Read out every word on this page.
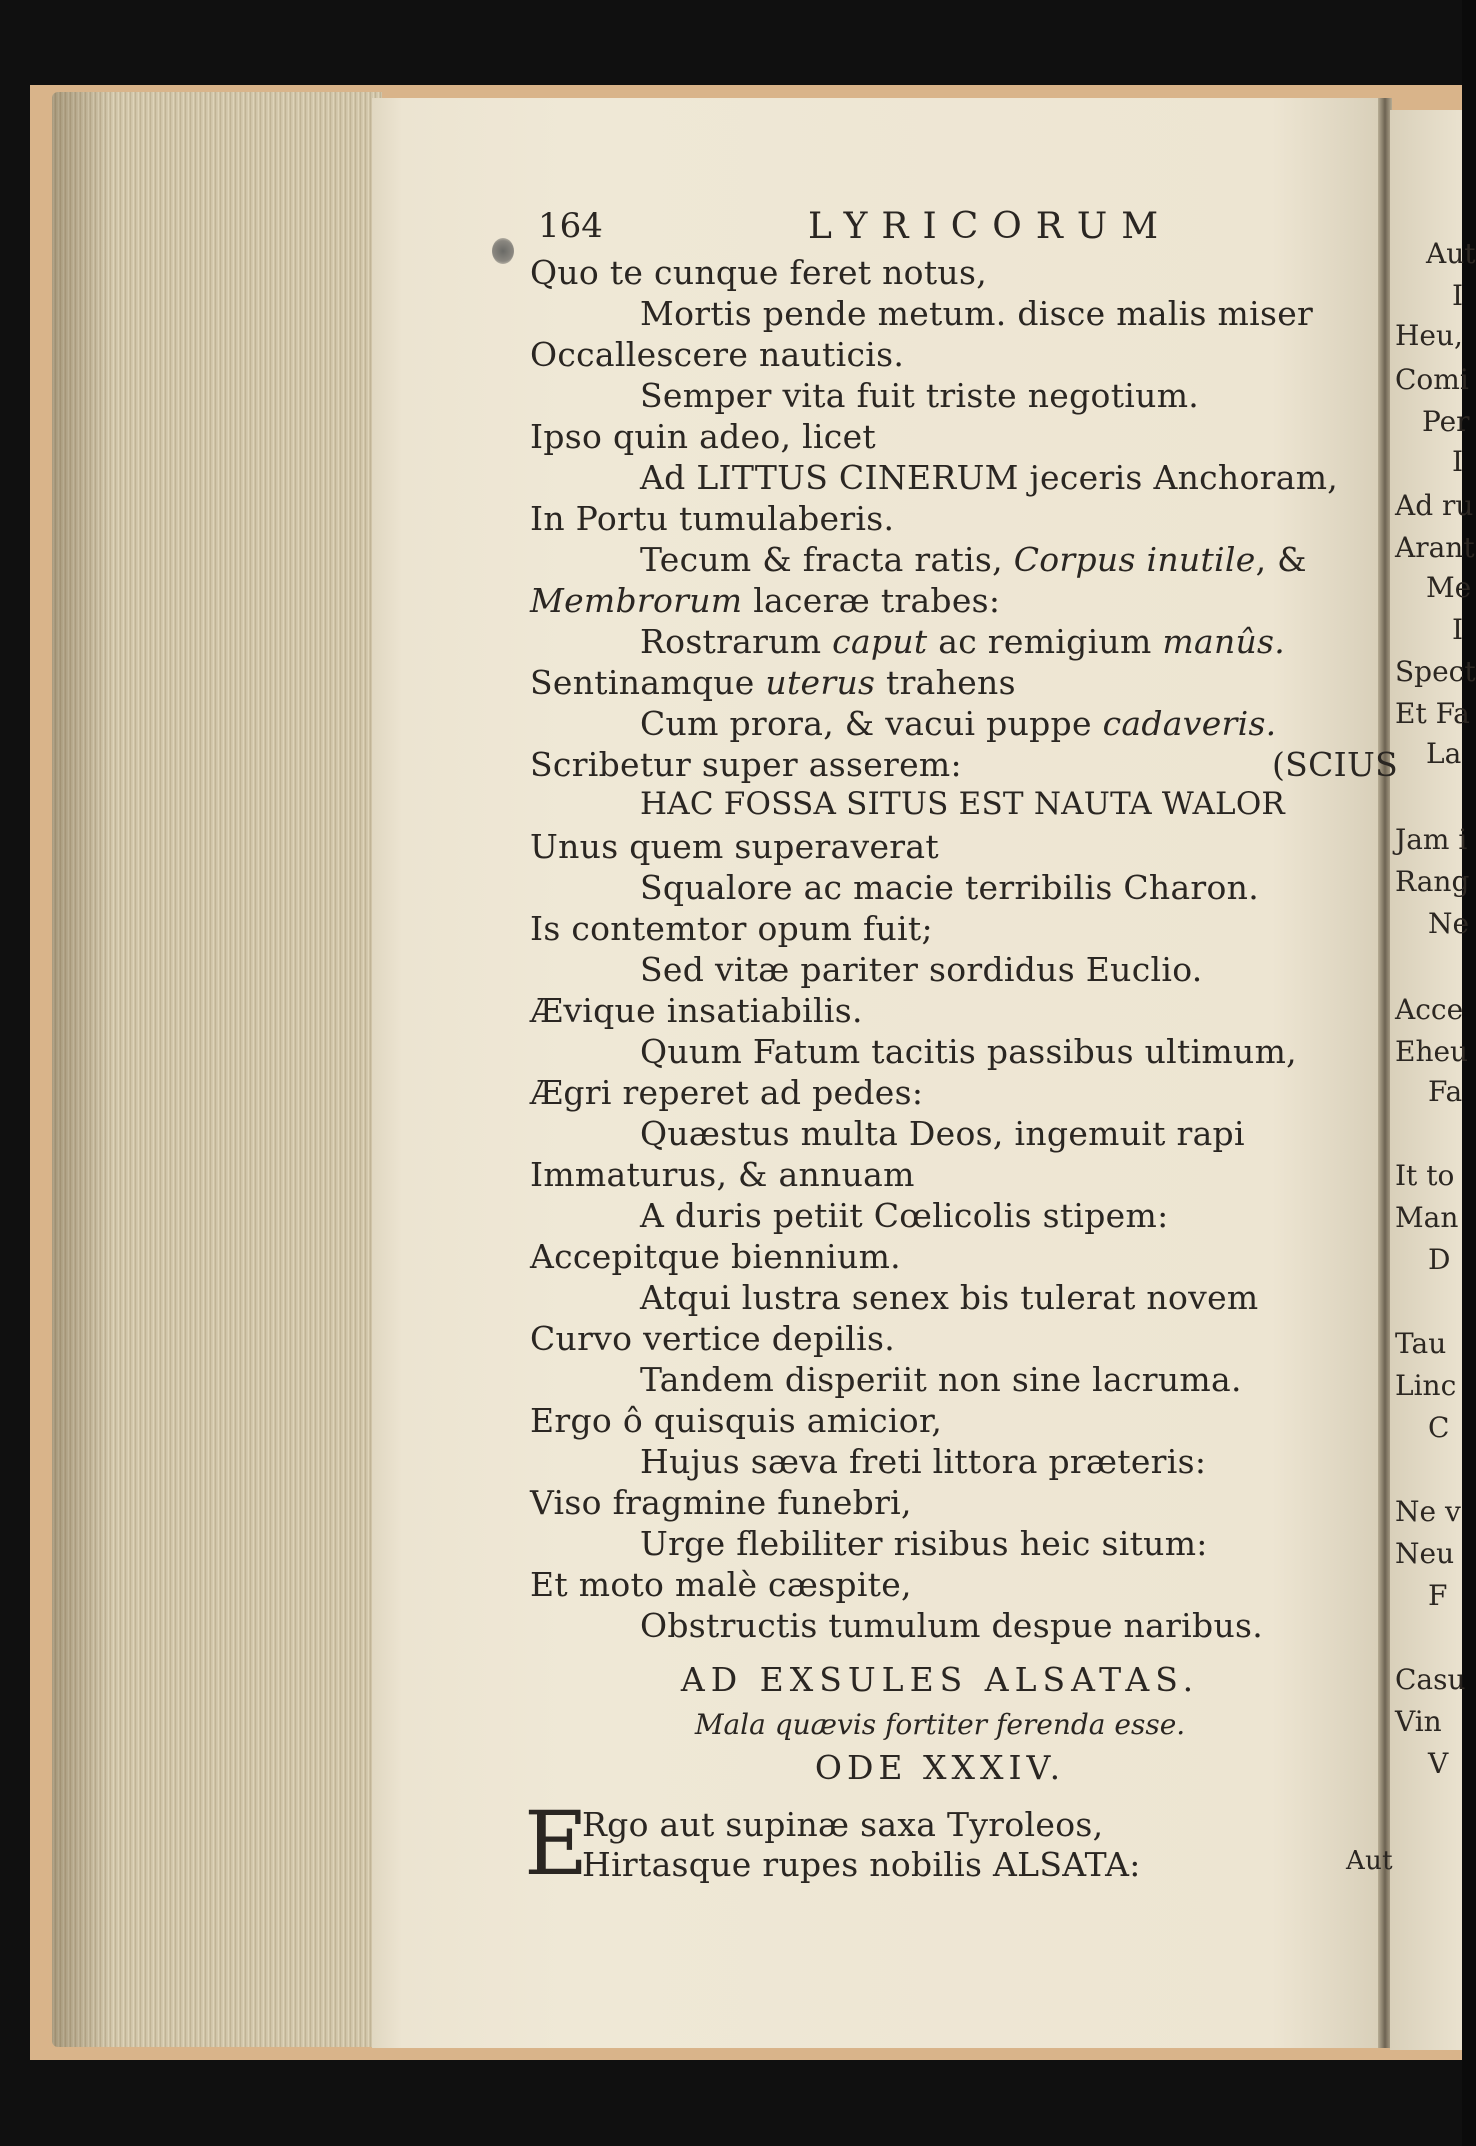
Aut
I
Heu,
Comi
Per
I
Ad ru
Arant
Me
I
Spect
Et Fa
La
Jam i
Rang
Ne
Acce
Eheu
Fa
It to
Man
D
Tau
Linc
C
Ne v
Neu
F
Casu
Vin
V
164	LYRICORUM
Quo te cunque feret notus,
Mortis pende metum. disce malis miser
Occallescere nauticis.
Semper vita fuit triste negotium.
Ipso quin adeo, licet
Ad LITTUS CINERUM jeceris Anchoram,
In Portu tumulaberis.
Tecum & fracta ratis, Corpus inutile, &
Membrorum laceræ trabes:
Rostrarum caput ac remigium manûs.
Sentinamque uterus trahens
Cum prora, & vacui puppe cadaveris.
Scribetur super asserem:	(SCIUS
HAC FOSSA SITUS EST NAUTA WALOR
Unus quem superaverat
Squalore ac macie terribilis Charon.
Is contemtor opum fuit;
Sed vitæ pariter sordidus Euclio.
Ævique insatiabilis.
Quum Fatum tacitis passibus ultimum,
Ægri reperet ad pedes:
Quæstus multa Deos, ingemuit rapi
Immaturus, & annuam
A duris petiit Cœlicolis stipem:
Accepitque biennium.
Atqui lustra senex bis tulerat novem
Curvo vertice depilis.
Tandem disperiit non sine lacruma.
Ergo ô quisquis amicior,
Hujus sæva freti littora præteris:
Viso fragmine funebri,
Urge flebiliter risibus heic situm:
Et moto malè cæspite,
Obstructis tumulum despue naribus.
AD EXSULES ALSATAS.
Mala quævis fortiter ferenda esse.
ODE XXXIV.
E
Rgo aut supinæ saxa Tyroleos,
Hirtasque rupes nobilis ALSATA:	Aut
